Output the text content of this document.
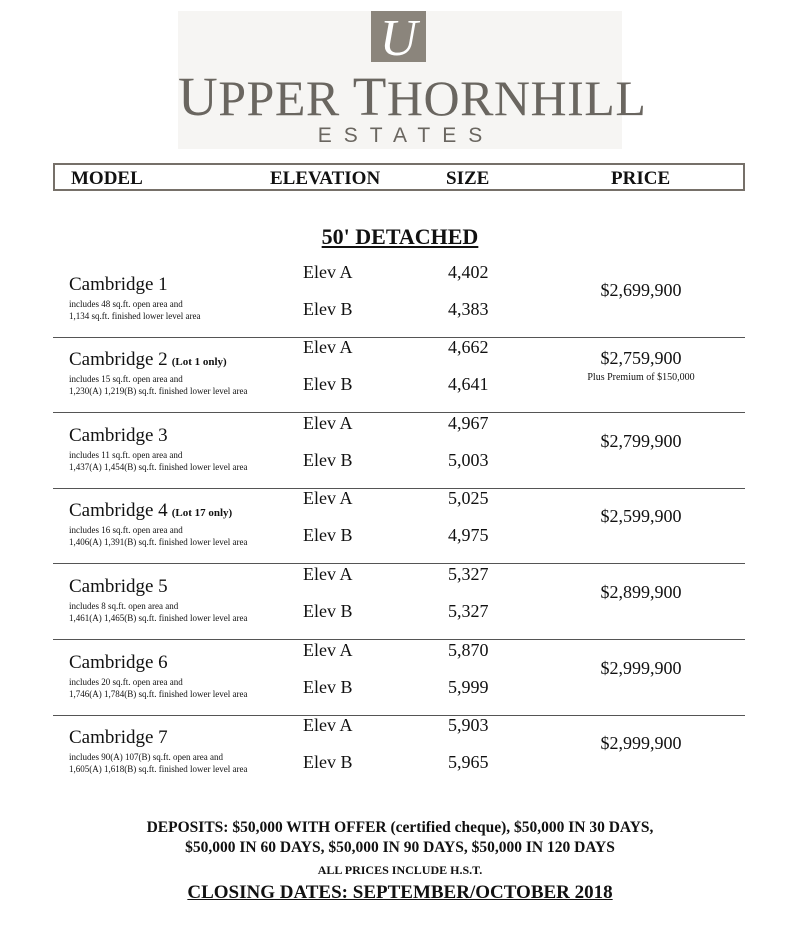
U
UPPER THORNHILL
ESTATES
MODEL	ELEVATION	SIZE	PRICE
50' DETACHED
Cambridge 1
includes 48 sq.ft. open area and
1,134 sq.ft. finished lower level area
Elev A	4,402
Elev B	4,383
$2,699,900
Cambridge 2 (Lot 1 only)
includes 15 sq.ft. open area and
1,230(A) 1,219(B) sq.ft. finished lower level area
Elev A	4,662
Elev B	4,641
$2,759,900
Plus Premium of $150,000
Cambridge 3
includes 11 sq.ft. open area and
1,437(A) 1,454(B) sq.ft. finished lower level area
Elev A	4,967
Elev B	5,003
$2,799,900
Cambridge 4 (Lot 17 only)
includes 16 sq.ft. open area and
1,406(A) 1,391(B) sq.ft. finished lower level area
Elev A	5,025
Elev B	4,975
$2,599,900
Cambridge 5
includes 8 sq.ft. open area and
1,461(A) 1,465(B) sq.ft. finished lower level area
Elev A	5,327
Elev B	5,327
$2,899,900
Cambridge 6
includes 20 sq.ft. open area and
1,746(A) 1,784(B) sq.ft. finished lower level area
Elev A	5,870
Elev B	5,999
$2,999,900
Cambridge 7
includes 90(A) 107(B) sq.ft. open area and
1,605(A) 1,618(B) sq.ft. finished lower level area
Elev A	5,903
Elev B	5,965
$2,999,900
DEPOSITS: $50,000 WITH OFFER (certified cheque), $50,000 IN 30 DAYS,
$50,000 IN 60 DAYS, $50,000 IN 90 DAYS, $50,000 IN 120 DAYS
ALL PRICES INCLUDE H.S.T.
CLOSING DATES: SEPTEMBER/OCTOBER 2018
